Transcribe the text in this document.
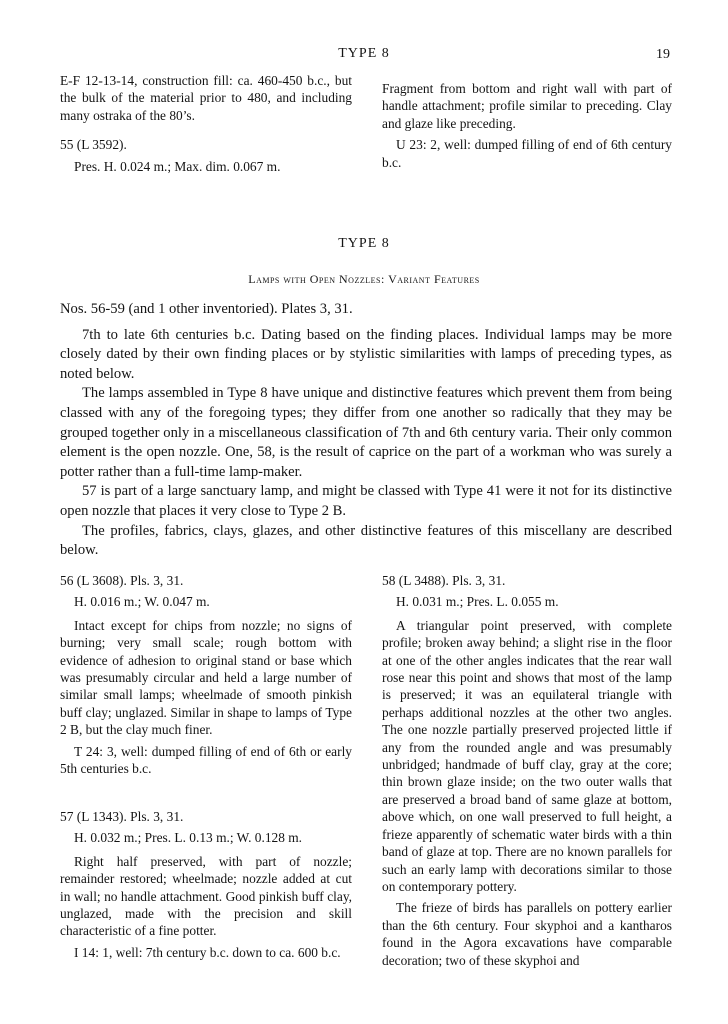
TYPE 8	19

E-F 12-13-14, construction fill: ca. 460-450 b.c., but the bulk of the material prior to 480, and including many ostraka of the 80’s.

55 (L 3592).

Pres. H. 0.024 m.; Max. dim. 0.067 m.

Fragment from bottom and right wall with part of handle attachment; profile similar to preceding. Clay and glaze like preceding.

U 23: 2, well: dumped filling of end of 6th century b.c.

TYPE 8
Lamps with Open Nozzles: Variant Features

Nos. 56-59 (and 1 other inventoried). Plates 3, 31.

7th to late 6th centuries b.c. Dating based on the finding places. Individual lamps may be more closely dated by their own finding places or by stylistic similarities with lamps of preceding types, as noted below.

The lamps assembled in Type 8 have unique and distinctive features which prevent them from being classed with any of the foregoing types; they differ from one another so radically that they may be grouped together only in a miscellaneous classification of 7th and 6th century varia. Their only common element is the open nozzle. One, 58, is the result of caprice on the part of a workman who was surely a potter rather than a full-time lamp-maker.

57 is part of a large sanctuary lamp, and might be classed with Type 41 were it not for its distinctive open nozzle that places it very close to Type 2 B.

The profiles, fabrics, clays, glazes, and other distinctive features of this miscellany are described below.

56 (L 3608). Pls. 3, 31.

H. 0.016 m.; W. 0.047 m.

Intact except for chips from nozzle; no signs of burning; very small scale; rough bottom with evidence of adhesion to original stand or base which was presumably circular and held a large number of similar small lamps; wheelmade of smooth pinkish buff clay; unglazed. Similar in shape to lamps of Type 2 B, but the clay much finer.

T 24: 3, well: dumped filling of end of 6th or early 5th centuries b.c.

57 (L 1343). Pls. 3, 31.

H. 0.032 m.; Pres. L. 0.13 m.; W. 0.128 m.

Right half preserved, with part of nozzle; remainder restored; wheelmade; nozzle added at cut in wall; no handle attachment. Good pinkish buff clay, unglazed, made with the precision and skill characteristic of a fine potter.

I 14: 1, well: 7th century b.c. down to ca. 600 b.c.

58 (L 3488). Pls. 3, 31.

H. 0.031 m.; Pres. L. 0.055 m.

A triangular point preserved, with complete profile; broken away behind; a slight rise in the floor at one of the other angles indicates that the rear wall rose near this point and shows that most of the lamp is preserved; it was an equilateral triangle with perhaps additional nozzles at the other two angles. The one nozzle partially preserved projected little if any from the rounded angle and was presumably unbridged; handmade of buff clay, gray at the core; thin brown glaze inside; on the two outer walls that are preserved a broad band of same glaze at bottom, above which, on one wall preserved to full height, a frieze apparently of schematic water birds with a thin band of glaze at top. There are no known parallels for such an early lamp with decorations similar to those on contemporary pottery.

The frieze of birds has parallels on pottery earlier than the 6th century. Four skyphoi and a kantharos found in the Agora excavations have comparable decoration; two of these skyphoi and
